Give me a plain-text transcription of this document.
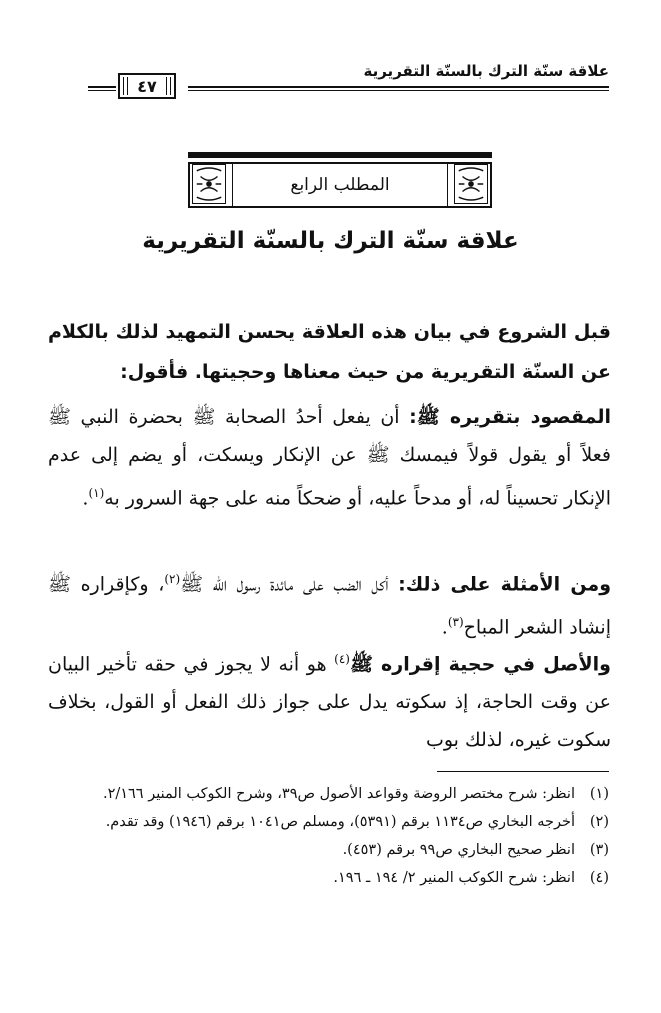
علاقة سنّة الترك بالسنّة التقريرية
٤٧
المطلب الرابع
علاقة سنّة الترك بالسنّة التقريرية
قبل الشروع في بيان هذه العلاقة يحسن التمهيد لذلك بالكلام عن السنّة التقريرية من حيث معناها وحجيتها. فأقول:
المقصود بتقريره ﷺ: أن يفعل أحدُ الصحابة ﷺ بحضرة النبي ﷺ فعلاً أو يقول قولاً فيمسك ﷺ عن الإنكار ويسكت، أو يضم إلى عدم الإنكار تحسيناً له، أو مدحاً عليه، أو ضحكاً منه على جهة السرور به$^{(١)}$.
ومن الأمثلة على ذلك: أكل الضب على مائدة رسول الله ﷺ$^{(٢)}$، وكإقراره ﷺ إنشاد الشعر المباح$^{(٣)}$.
والأصل في حجية إقراره ﷺ$^{(٤)}$ هو أنه لا يجوز في حقه تأخير البيان عن وقت الحاجة، إذ سكوته يدل على جواز ذلك الفعل أو القول، بخلاف سكوت غيره، لذلك بوب
(١)
انظر: شرح مختصر الروضة وقواعد الأصول ص٣٩، وشرح الكوكب المنير ٢/١٦٦.
(٢)
أخرجه البخاري ص١١٣٤ برقم (٥٣٩١)، ومسلم ص١٠٤١ برقم (١٩٤٦) وقد تقدم.
(٣)
انظر صحيح البخاري ص٩٩ برقم (٤٥٣).
(٤)
انظر: شرح الكوكب المنير ٢/ ١٩٤ ـ ١٩٦.
